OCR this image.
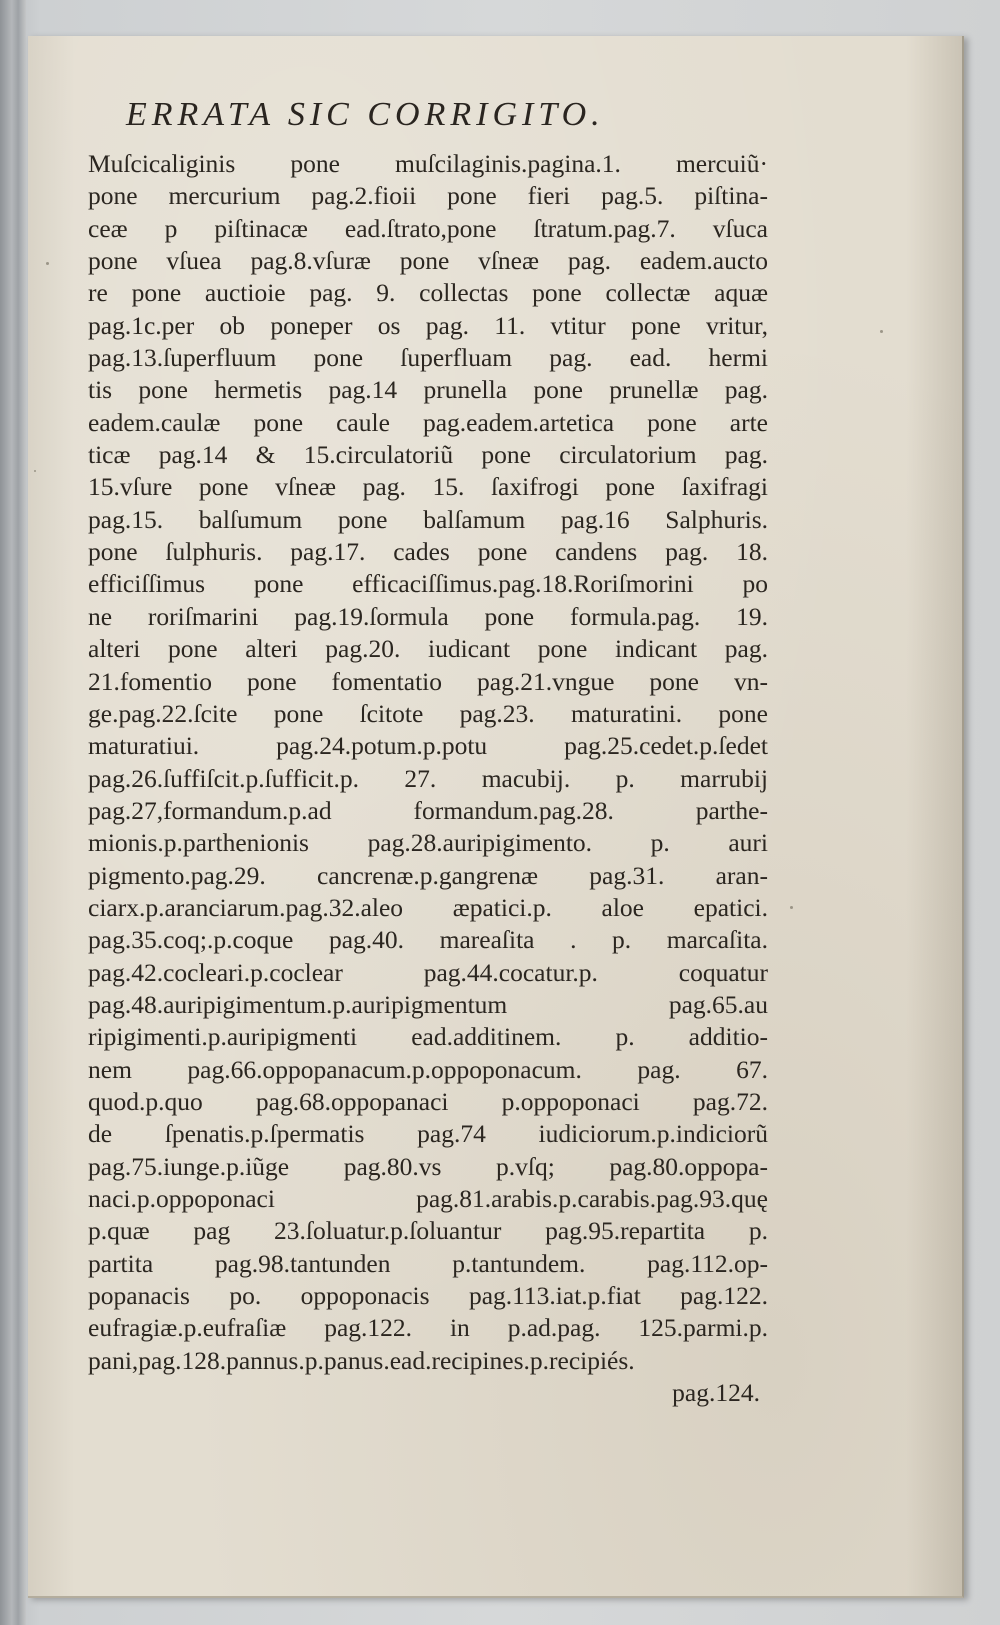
ERRATA SIC CORRIGITO.
Muſcicaliginis pone muſcilaginis.pagina.1. mercuiũ·
pone mercurium pag.2.fioii pone fieri pag.5. piſtina-
ceæ p piſtinacæ ead.ſtrato,pone ſtratum.pag.7. vſuca
pone vſuea pag.8.vſuræ pone vſneæ pag. eadem.aucto
re pone auctioie pag. 9. collectas pone collectæ aquæ
pag.1c.per ob poneper os pag. 11. vtitur pone vritur,
pag.13.ſuperfluum pone ſuperfluam pag. ead. hermi
tis pone hermetis pag.14 prunella pone prunellæ pag.
eadem.caulæ pone caule pag.eadem.artetica pone arte
ticæ pag.14 & 15.circulatoriũ pone circulatorium pag.
15.vſure pone vſneæ pag. 15. ſaxifrogi pone ſaxifragi
pag.15. balſumum pone balſamum pag.16 Salphuris.
pone ſulphuris. pag.17. cades pone candens pag. 18.
efficiſſimus pone efficaciſſimus.pag.18.Roriſmorini po
ne roriſmarini pag.19.ſormula pone formula.pag. 19.
alteri pone alteri pag.20. iudicant pone indicant pag.
21.fomentio pone fomentatio pag.21.vngue pone vn-
ge.pag.22.ſcite pone ſcitote pag.23. maturatini. pone
maturatiui. pag.24.potum.p.potu pag.25.cedet.p.ſedet
pag.26.ſuffiſcit.p.ſufficit.p. 27. macubij. p. marrubij
pag.27,formandum.p.ad formandum.pag.28. parthe-
mionis.p.parthenionis pag.28.auripigimento. p. auri
pigmento.pag.29. cancrenæ.p.gangrenæ pag.31. aran-
ciarx.p.aranciarum.pag.32.aleo æpatici.p. aloe epatici.
pag.35.coq;.p.coque pag.40. mareaſita . p. marcaſita.
pag.42.cocleari.p.coclear pag.44.cocatur.p. coquatur
pag.48.auripigimentum.p.auripigmentum pag.65.au
ripigimenti.p.auripigmenti ead.additinem. p. additio-
nem pag.66.oppopanacum.p.oppoponacum. pag. 67.
quod.p.quo pag.68.oppopanaci p.oppoponaci pag.72.
de ſpenatis.p.ſpermatis pag.74 iudiciorum.p.indiciorũ
pag.75.iunge.p.iũge pag.80.vs p.vſq; pag.80.oppopa-
naci.p.oppoponaci pag.81.arabis.p.carabis.pag.93.quę
p.quæ pag 23.ſoluatur.p.ſoluantur pag.95.repartita p.
partita pag.98.tantunden p.tantundem. pag.112.op-
popanacis po. oppoponacis pag.113.iat.p.fiat pag.122.
eufragiæ.p.eufraſiæ pag.122. in p.ad.pag. 125.parmi.p.
pani,pag.128.pannus.p.panus.ead.recipines.p.recipiés.
pag.124.
